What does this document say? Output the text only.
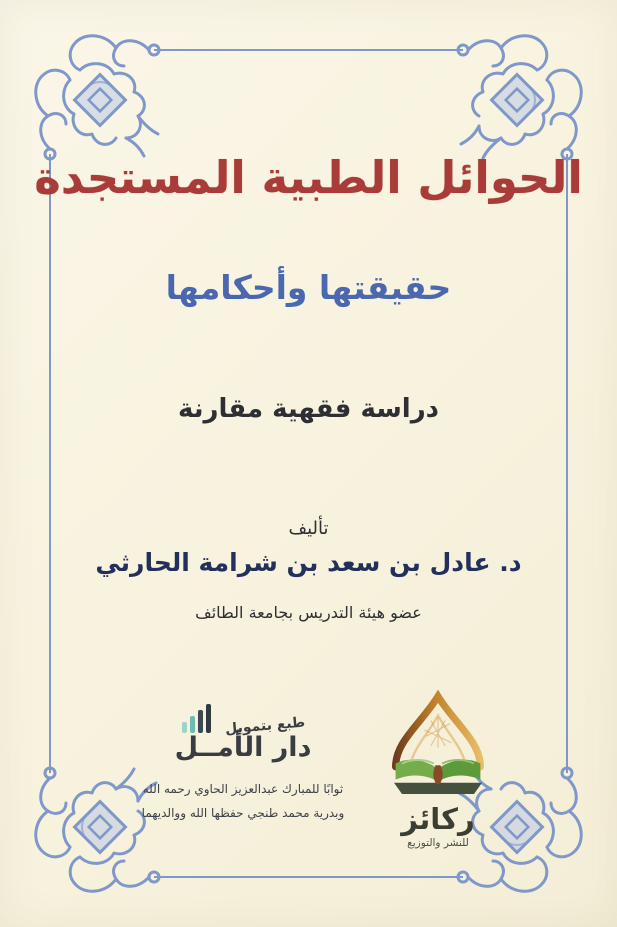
الحوائل الطبية المستجدة
حقيقتها وأحكامها
دراسة فقهية مقارنة
تأليف
د. عادل بن سعد بن شرامة الحارثي
عضو هيئة التدريس بجامعة الطائف
طبع بتمويل
دار الأمــل
ثوابًا للمبارك عبدالعزيز الحاوي رحمه الله
وبدرية محمد طنجي حفظها الله ووالديهما	ركائز
للنشر والتوزيع
